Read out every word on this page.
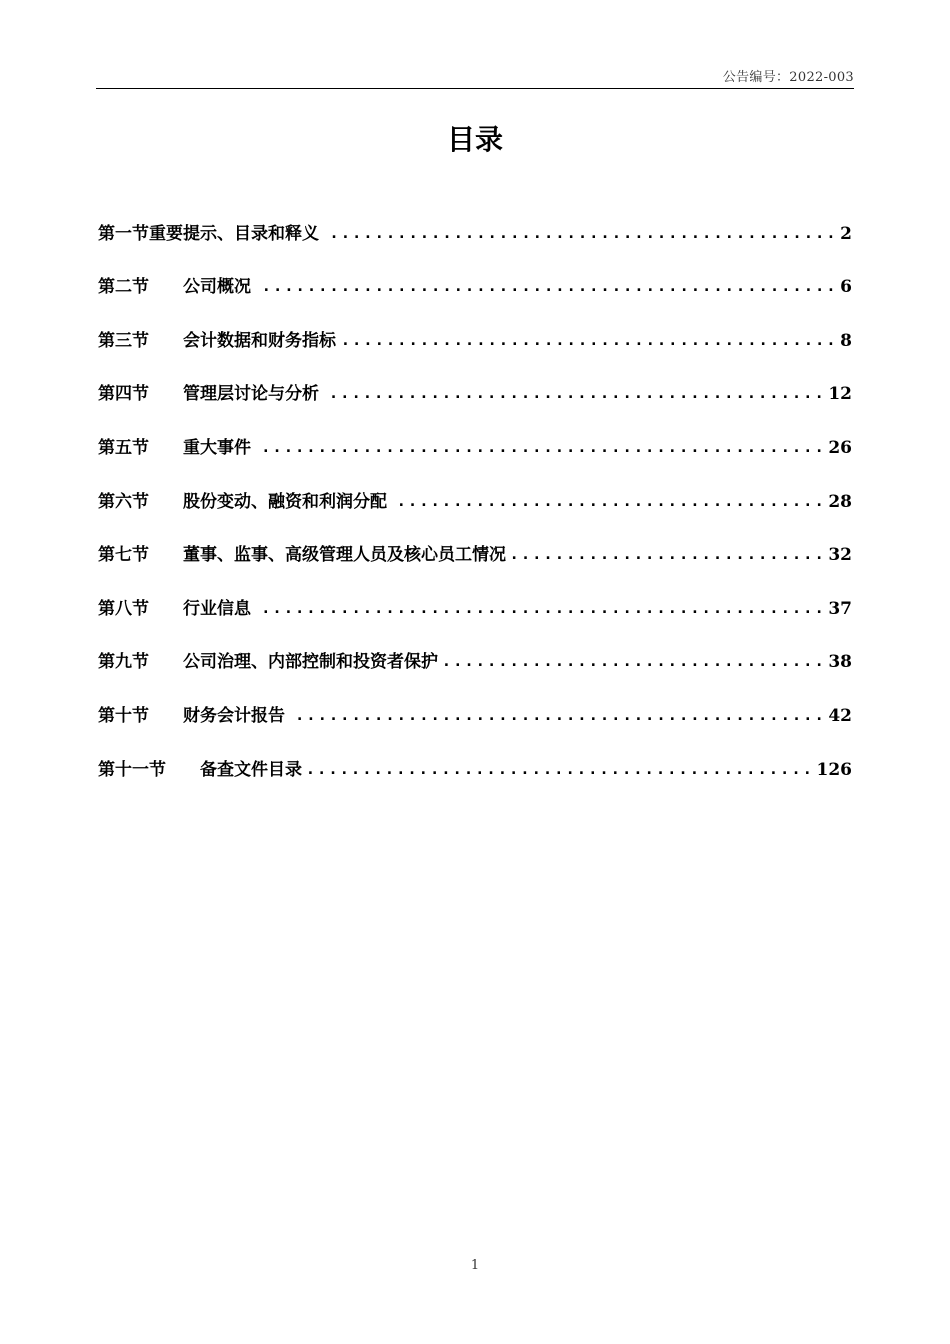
公告编号：2022-003
目录
第一节 重要提示、目录和释义 . . .	2
第二节	公司概况 . . .	6
第三节	会计数据和财务指标 . . .	8
第四节	管理层讨论与分析 . . .	12
第五节	重大事件 . . .	26
第六节	股份变动、融资和利润分配 . . .	28
第七节	董事、监事、高级管理人员及核心员工情况 . . .	32
第八节	行业信息 . . .	37
第九节	公司治理、内部控制和投资者保护 . . .	38
第十节	财务会计报告 . . .	42
第十一节	备查文件目录 . . .	126
1
